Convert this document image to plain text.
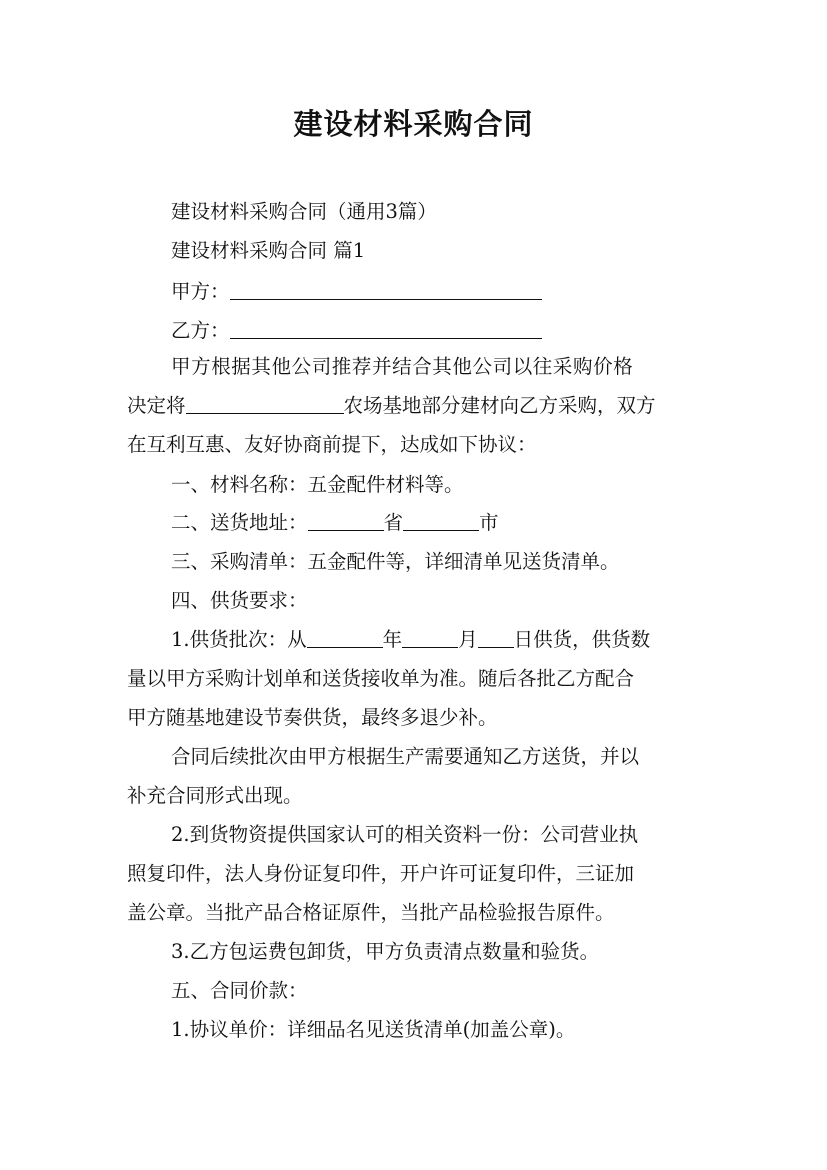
建设材料采购合同
建设材料采购合同（通用3篇）
建设材料采购合同 篇1
甲方：
乙方：
甲方根据其他公司推荐并结合其他公司以往采购价格
决定将	农场基地部分建材向乙方采购，双方
在互利互惠、友好协商前提下，达成如下协议：
一、材料名称：五金配件材料等。
二、送货地址：	省	市
三、采购清单：五金配件等，详细清单见送货清单。
四、供货要求：
1.供货批次：从	年	月 日供货，供货数
量以甲方采购计划单和送货接收单为准。随后各批乙方配合
甲方随基地建设节奏供货，最终多退少补。
合同后续批次由甲方根据生产需要通知乙方送货，并以
补充合同形式出现。
2.到货物资提供国家认可的相关资料一份：公司营业执
照复印件，法人身份证复印件，开户许可证复印件，三证加
盖公章。当批产品合格证原件，当批产品检验报告原件。
3.乙方包运费包卸货，甲方负责清点数量和验货。
五、合同价款：
1.协议单价：详细品名见送货清单(加盖公章)。
